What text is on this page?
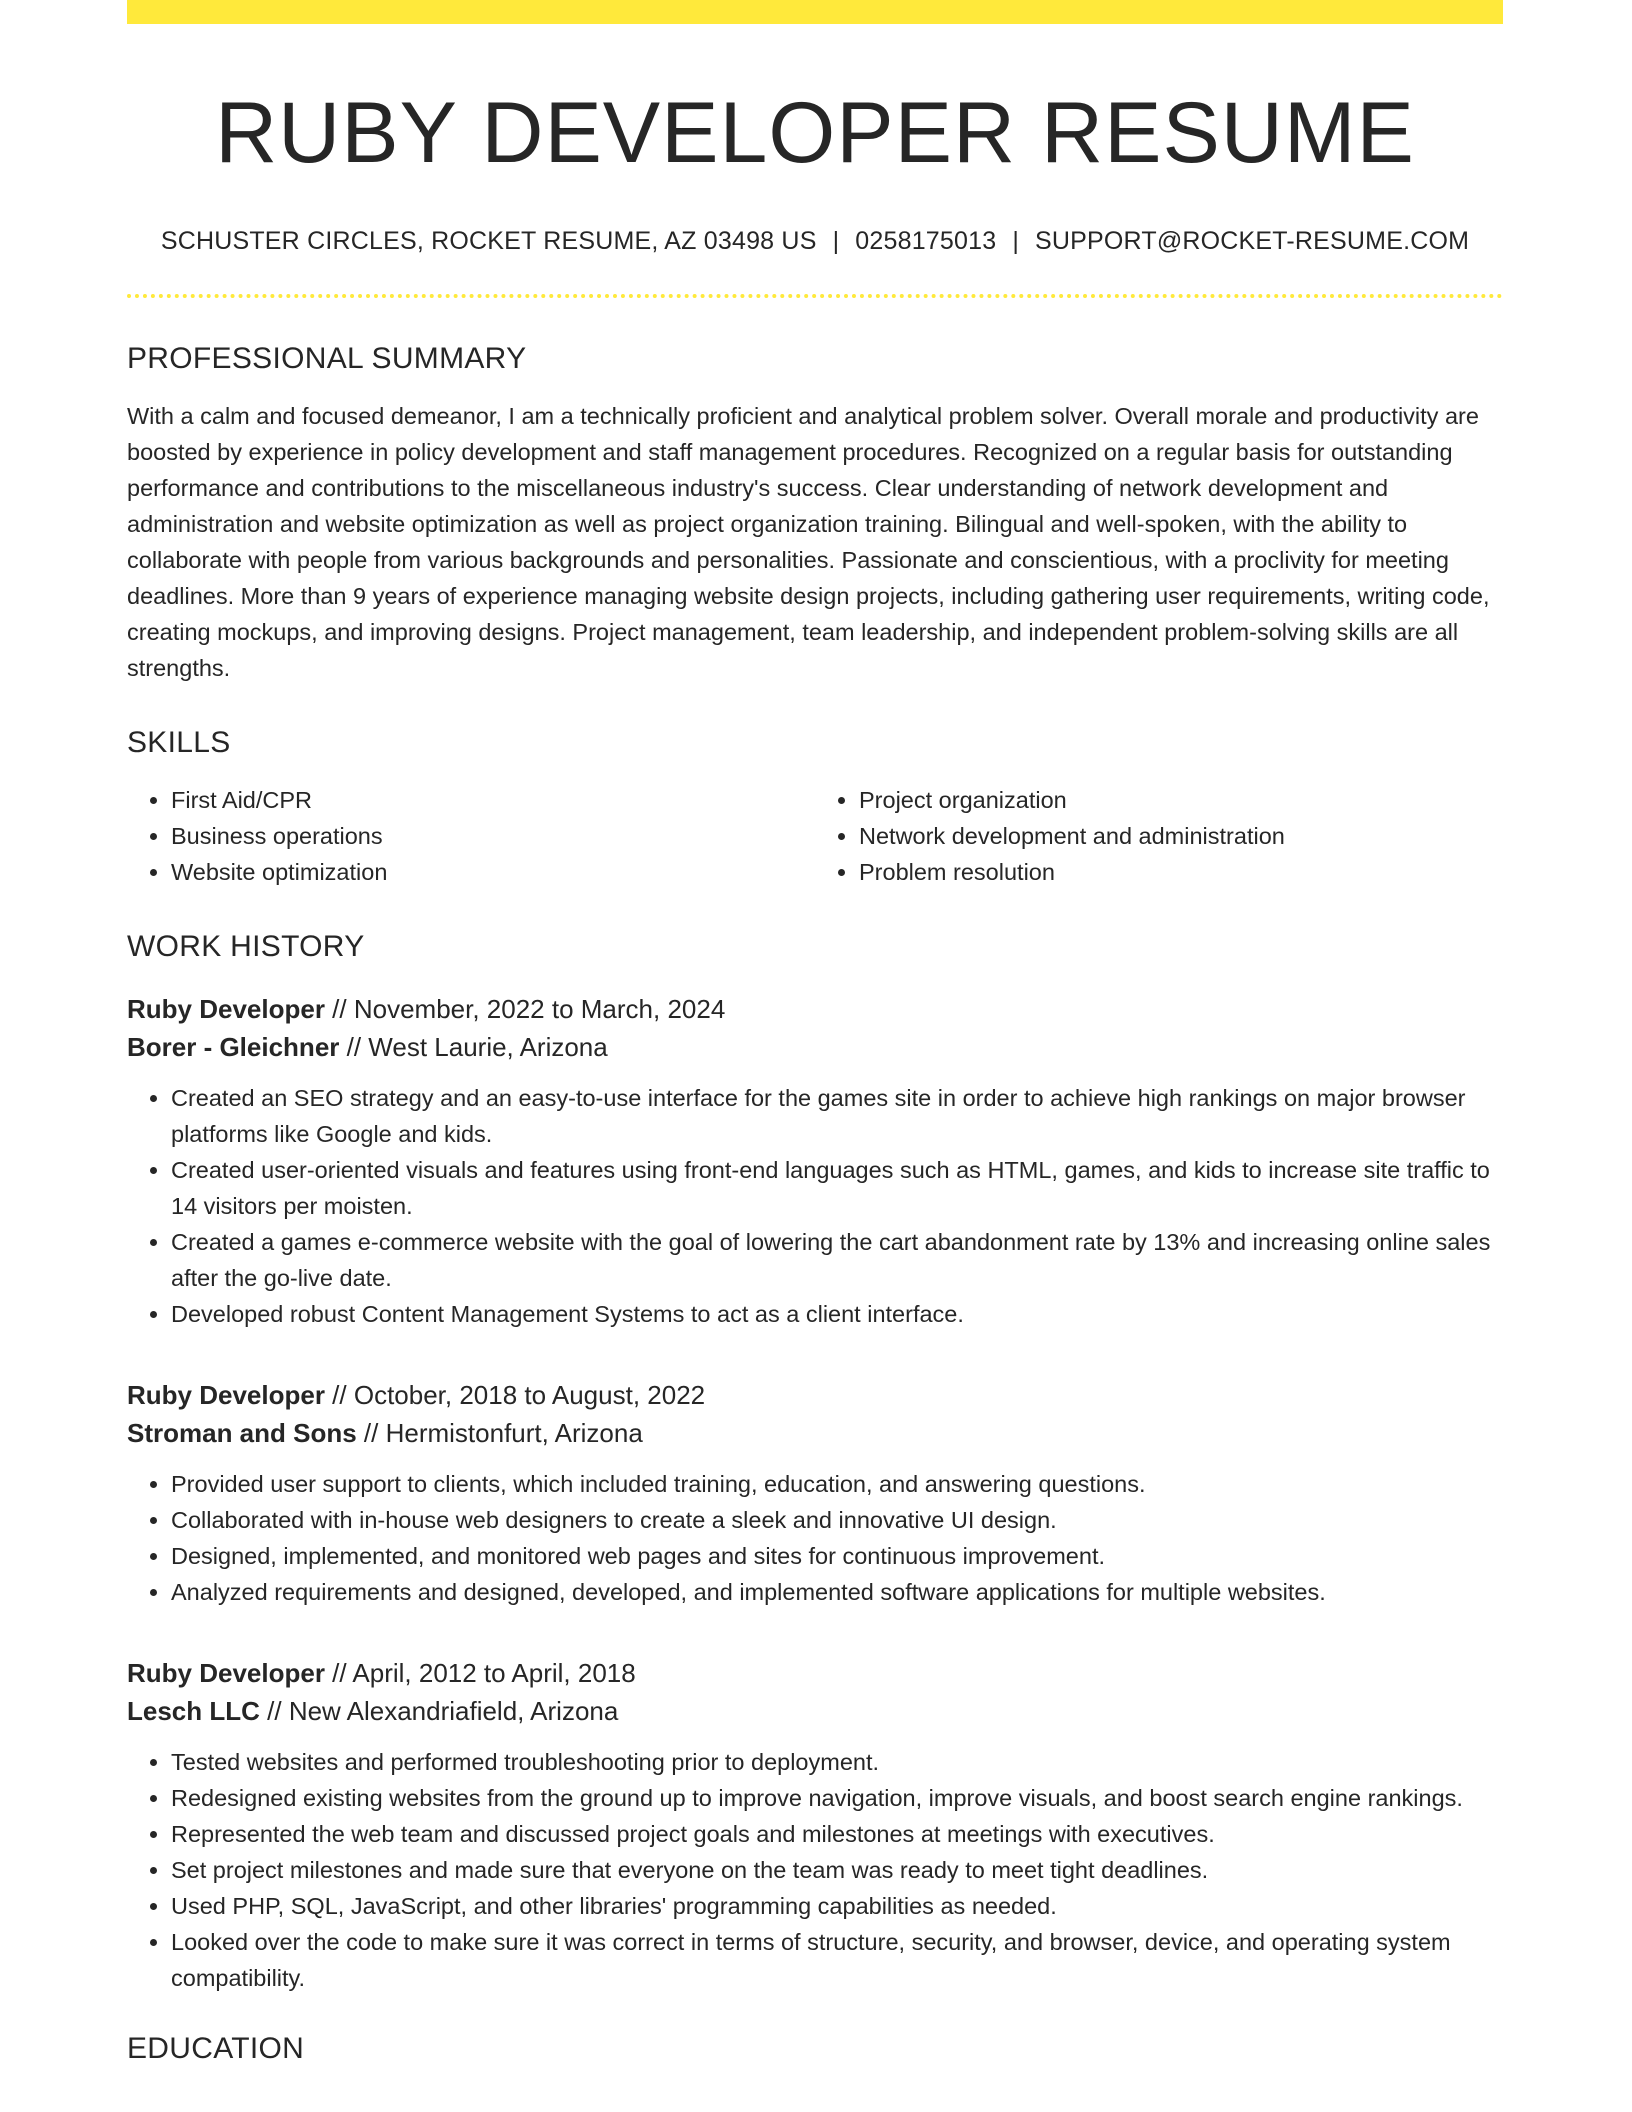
RUBY DEVELOPER RESUME
SCHUSTER CIRCLES, ROCKET RESUME, AZ 03498 US | 0258175013 | SUPPORT@ROCKET-RESUME.COM
PROFESSIONAL SUMMARY

With a calm and focused demeanor, I am a technically proficient and analytical problem solver. Overall morale and productivity are boosted by experience in policy development and staff management procedures. Recognized on a regular basis for outstanding performance and contributions to the miscellaneous industry's success. Clear understanding of network development and administration and website optimization as well as project organization training. Bilingual and well-spoken, with the ability to collaborate with people from various backgrounds and personalities. Passionate and conscientious, with a proclivity for meeting deadlines. More than 9 years of experience managing website design projects, including gathering user requirements, writing code, creating mockups, and improving designs. Project management, team leadership, and independent problem-solving skills are all strengths.

SKILLS
• First Aid/CPR
• Business operations
• Website optimization
• Project organization
• Network development and administration
• Problem resolution
WORK HISTORY
Ruby Developer // November, 2022 to March, 2024
Borer - Gleichner // West Laurie, Arizona
• Created an SEO strategy and an easy-to-use interface for the games site in order to achieve high rankings on major browser platforms like Google and kids.
• Created user-oriented visuals and features using front-end languages such as HTML, games, and kids to increase site traffic to 14 visitors per moisten.
• Created a games e-commerce website with the goal of lowering the cart abandonment rate by 13% and increasing online sales after the go-live date.
• Developed robust Content Management Systems to act as a client interface.
Ruby Developer // October, 2018 to August, 2022
Stroman and Sons // Hermistonfurt, Arizona
• Provided user support to clients, which included training, education, and answering questions.
• Collaborated with in-house web designers to create a sleek and innovative UI design.
• Designed, implemented, and monitored web pages and sites for continuous improvement.
• Analyzed requirements and designed, developed, and implemented software applications for multiple websites.
Ruby Developer // April, 2012 to April, 2018
Lesch LLC // New Alexandriafield, Arizona
• Tested websites and performed troubleshooting prior to deployment.
• Redesigned existing websites from the ground up to improve navigation, improve visuals, and boost search engine rankings.
• Represented the web team and discussed project goals and milestones at meetings with executives.
• Set project milestones and made sure that everyone on the team was ready to meet tight deadlines.
• Used PHP, SQL, JavaScript, and other libraries' programming capabilities as needed.
• Looked over the code to make sure it was correct in terms of structure, security, and browser, device, and operating system compatibility.
EDUCATION
